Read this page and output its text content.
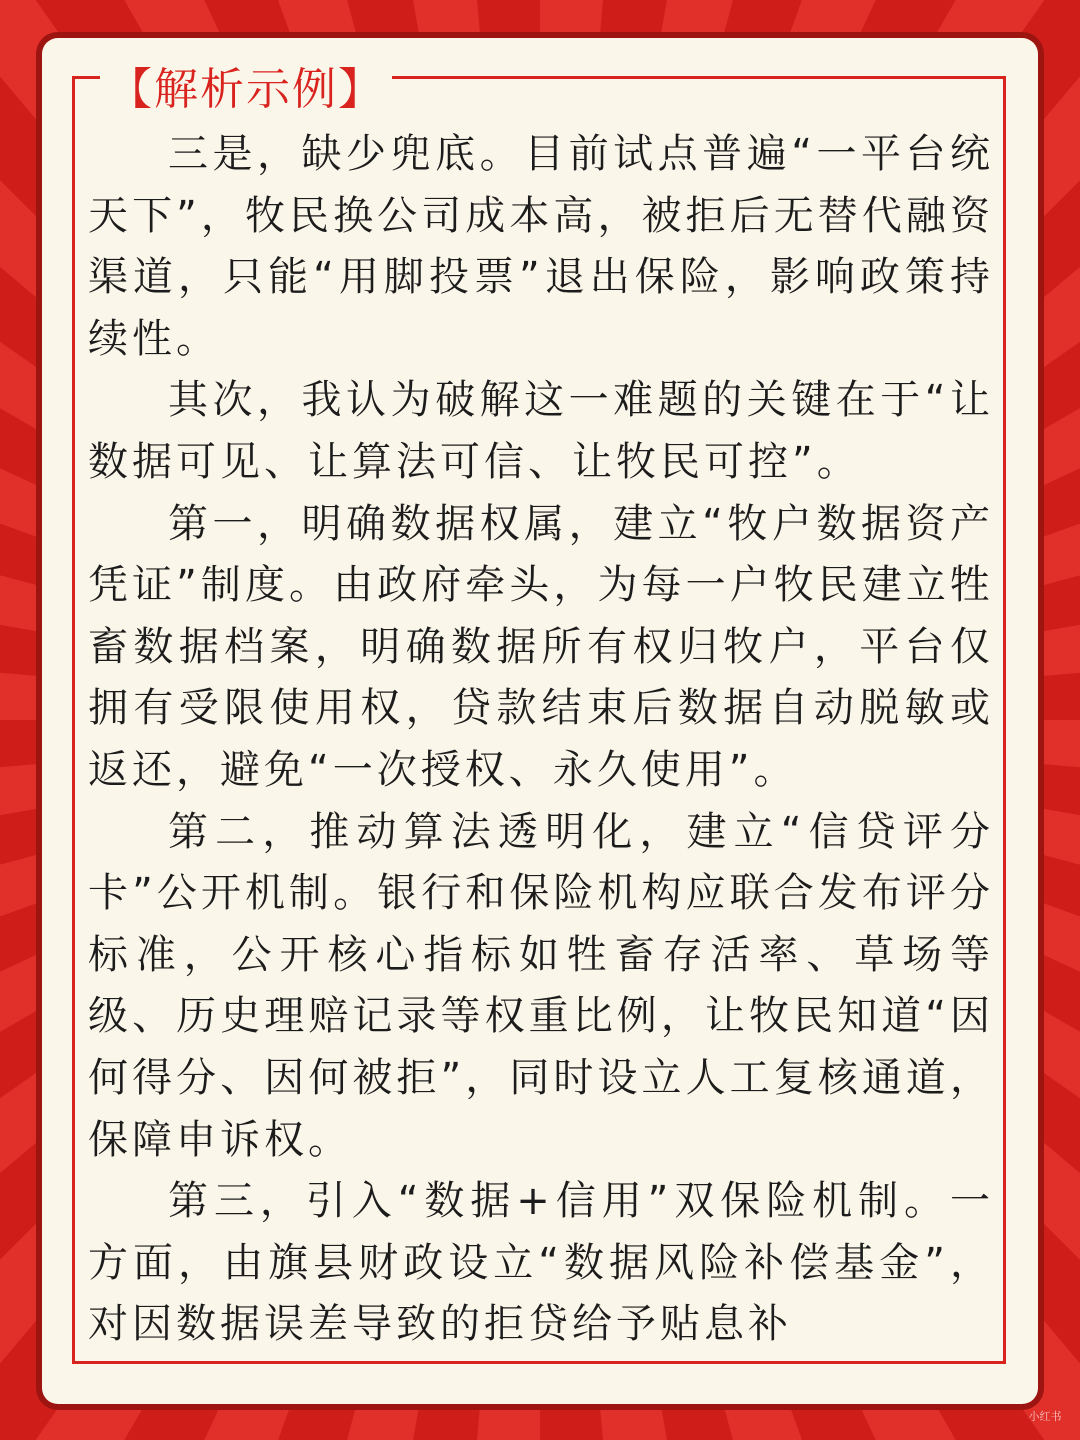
【解析示例】

三是，缺少兜底。目前试点普遍“一平台统天下”，牧民换公司成本高，被拒后无替代融资渠道，只能“用脚投票”退出保险，影响政策持续性。

其次，我认为破解这一难题的关键在于“让数据可见、让算法可信、让牧民可控”。

第一，明确数据权属，建立“牧户数据资产凭证”制度。由政府牵头，为每一户牧民建立牲畜数据档案，明确数据所有权归牧户，平台仅拥有受限使用权，贷款结束后数据自动脱敏或返还，避免“一次授权、永久使用”。

第二，推动算法透明化，建立“信贷评分卡”公开机制。银行和保险机构应联合发布评分标准，公开核心指标如牲畜存活率、草场等级、历史理赔记录等权重比例，让牧民知道“因何得分、因何被拒”，同时设立人工复核通道，保障申诉权。

第三，引入“数据+信用”双保险机制。一方面，由旗县财政设立“数据风险补偿基金”，对因数据误差导致的拒贷给予贴息补

小红书
